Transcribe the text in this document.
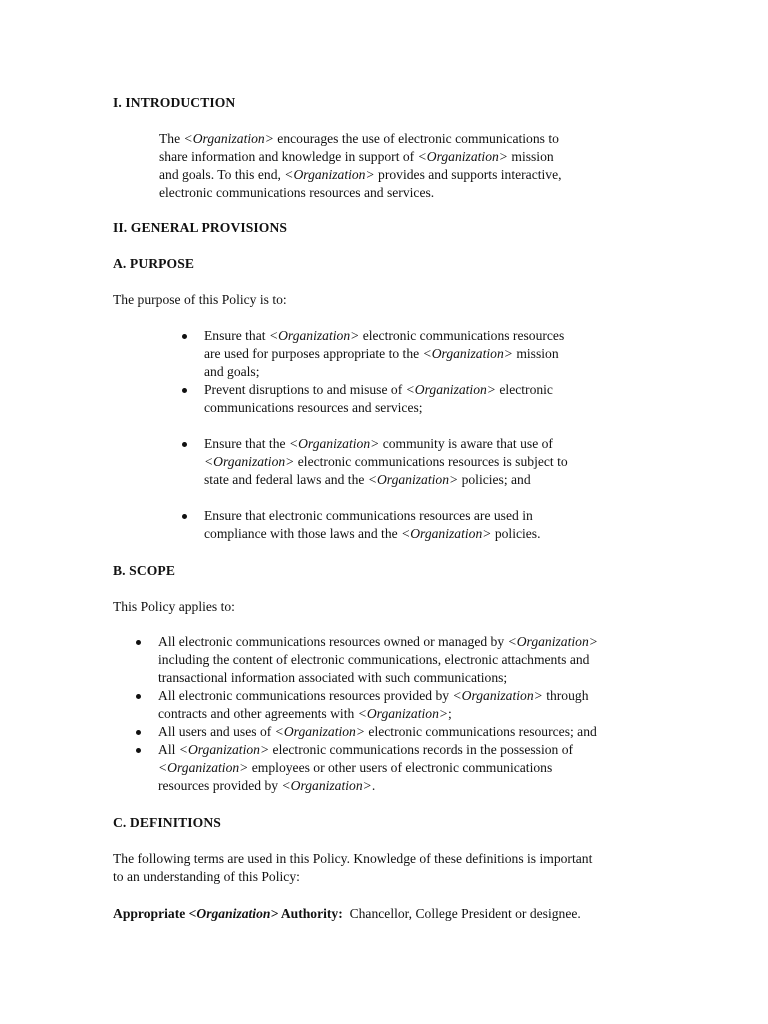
I. INTRODUCTION
The <Organization> encourages the use of electronic communications to
share information and knowledge in support of <Organization> mission
and goals. To this end, <Organization> provides and supports interactive,
electronic communications resources and services.
II. GENERAL PROVISIONS
A. PURPOSE
The purpose of this Policy is to:
Ensure that <Organization> electronic communications resources
are used for purposes appropriate to the <Organization> mission
and goals;
Prevent disruptions to and misuse of <Organization> electronic
communications resources and services;
Ensure that the <Organization> community is aware that use of
<Organization> electronic communications resources is subject to
state and federal laws and the <Organization> policies; and
Ensure that electronic communications resources are used in
compliance with those laws and the <Organization> policies.
B. SCOPE
This Policy applies to:
All electronic communications resources owned or managed by <Organization>
including the content of electronic communications, electronic attachments and
transactional information associated with such communications;
All electronic communications resources provided by <Organization> through
contracts and other agreements with <Organization>;
All users and uses of <Organization> electronic communications resources; and
All <Organization> electronic communications records in the possession of
<Organization> employees or other users of electronic communications
resources provided by <Organization>.
C. DEFINITIONS
The following terms are used in this Policy. Knowledge of these definitions is important
to an understanding of this Policy:
Appropriate <Organization> Authority: Chancellor, College President or designee.
